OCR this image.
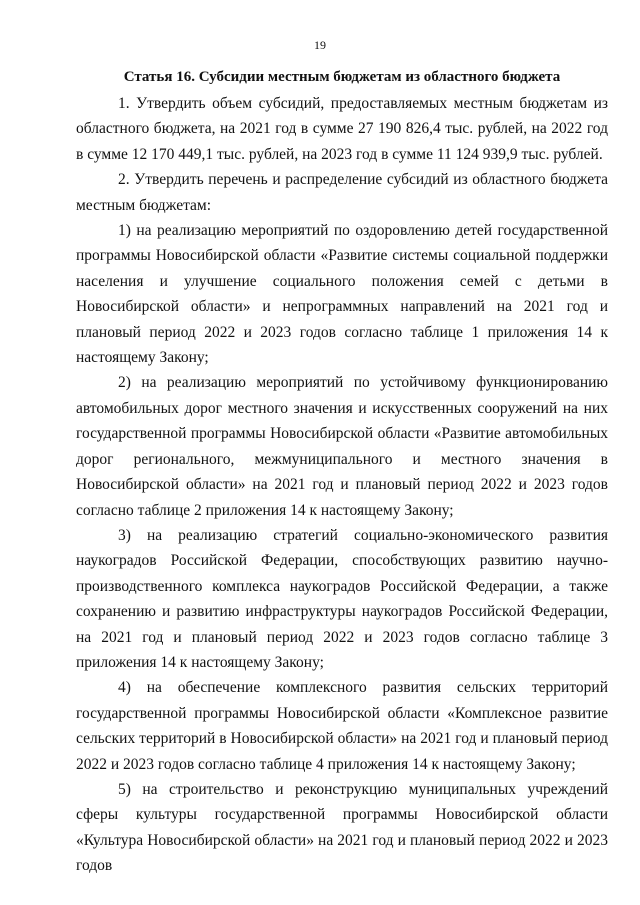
19
Статья 16. Субсидии местным бюджетам из областного бюджета

1. Утвердить объем субсидий, предоставляемых местным бюджетам из областного бюджета, на 2021 год в сумме 27 190 826,4 тыс. рублей, на 2022 год в сумме 12 170 449,1 тыс. рублей, на 2023 год в сумме 11 124 939,9 тыс. рублей.

2. Утвердить перечень и распределение субсидий из областного бюджета местным бюджетам:

1) на реализацию мероприятий по оздоровлению детей государственной программы Новосибирской области «Развитие системы социальной поддержки населения и улучшение социального положения семей с детьми в Новосибирской области» и непрограммных направлений на 2021 год и плановый период 2022 и 2023 годов согласно таблице 1 приложения 14 к настоящему Закону;

2) на реализацию мероприятий по устойчивому функционированию автомобильных дорог местного значения и искусственных сооружений на них государственной программы Новосибирской области «Развитие автомобильных дорог регионального, межмуниципального и местного значения в Новосибирской области» на 2021 год и плановый период 2022 и 2023 годов согласно таблице 2 приложения 14 к настоящему Закону;

3) на реализацию стратегий социально-экономического развития наукоградов Российской Федерации, способствующих развитию научно-производственного комплекса наукоградов Российской Федерации, а также сохранению и развитию инфраструктуры наукоградов Российской Федерации, на 2021 год и плановый период 2022 и 2023 годов согласно таблице 3 приложения 14 к настоящему Закону;

4) на обеспечение комплексного развития сельских территорий государственной программы Новосибирской области «Комплексное развитие сельских территорий в Новосибирской области» на 2021 год и плановый период 2022 и 2023 годов согласно таблице 4 приложения 14 к настоящему Закону;

5) на строительство и реконструкцию муниципальных учреждений сферы культуры государственной программы Новосибирской области «Культура Новосибирской области» на 2021 год и плановый период 2022 и 2023 годов
